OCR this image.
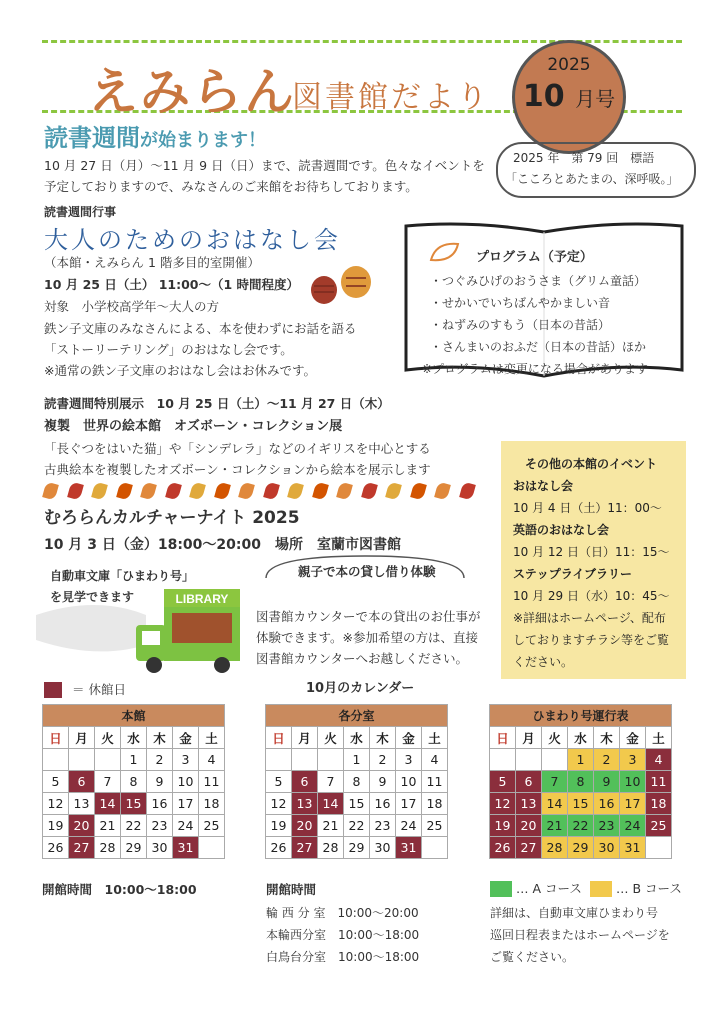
えみらん
図書館だより
2025
10 月号
読書週間が始まります！
10 月 27 日（月）～11 月 9 日（日）まで、読書週間です。色々なイベントを
予定しておりますので、みなさんのご来館をお待ちしております。
2025 年　第 79 回　標語
「こころとあたまの、深呼吸。」
読書週間行事
大人のためのおはなし会
（本館・えみらん 1 階多目的室開催）
10 月 25 日（土） 11:00～（1 時間程度）
対象　小学校高学年～大人の方
鉄ン子文庫のみなさんによる、本を使わずにお話を語る
「ストーリーテリング」のおはなし会です。
※通常の鉄ン子文庫のおはなし会はお休みです。
プログラム（予定）
・つぐみひげのおうさま（グリム童話）
・せかいでいちばんやかましい音
・ねずみのすもう（日本の昔話）
・さんまいのおふだ（日本の昔話）ほか
※プログラムは変更になる場合があります
読書週間特別展示　10 月 25 日（土）～11 月 27 日（木）
複製　世界の絵本館　オズボーン・コレクション展
「長ぐつをはいた猫」や「シンデレラ」などのイギリスを中心とする
古典絵本を複製したオズボーン・コレクションから絵本を展示します
むろらんカルチャーナイト 2025
10 月 3 日（金）18:00～20:00　場所　室蘭市図書館
自動車文庫「ひまわり号」
を見学できます	LIBRARY
親子で本の貸し借り体験
図書館カウンターで本の貸出のお仕事が
体験できます。※参加希望の方は、直接
図書館カウンターへお越しください。
その他の本館のイベント
おはなし会
10 月 4 日（土）11：00～
英語のおはなし会
10 月 12 日（日）11：15～
ステップライブラリー
10 月 29 日（水）10：45～
※詳細はホームページ、配布
しておりますチラシ等をご覧
ください。
＝ 休館日	10月のカレンダー
本館						
日	月	火	水	木	金	土
			1	2	3	4
5	6	7	8	9	10	11
12	13	14	15	16	17	18
19	20	21	22	23	24	25
26	27	28	29	30	31	
各分室						
日	月	火	水	木	金	土
			1	2	3	4
5	6	7	8	9	10	11
12	13	14	15	16	17	18
19	20	21	22	23	24	25
26	27	28	29	30	31	
ひまわり号運行表						
日	月	火	水	木	金	土
			1	2	3	4
5	6	7	8	9	10	11
12	13	14	15	16	17	18
19	20	21	22	23	24	25
26	27	28	29	30	31	
開館時間　10:00～18:00	開館時間
輪 西 分 室　10:00～20:00
本輪西分室　10:00～18:00
白鳥台分室　10:00～18:00
… A コース	… B コース
詳細は、自動車文庫ひまわり号
巡回日程表またはホームページを
ご覧ください。
